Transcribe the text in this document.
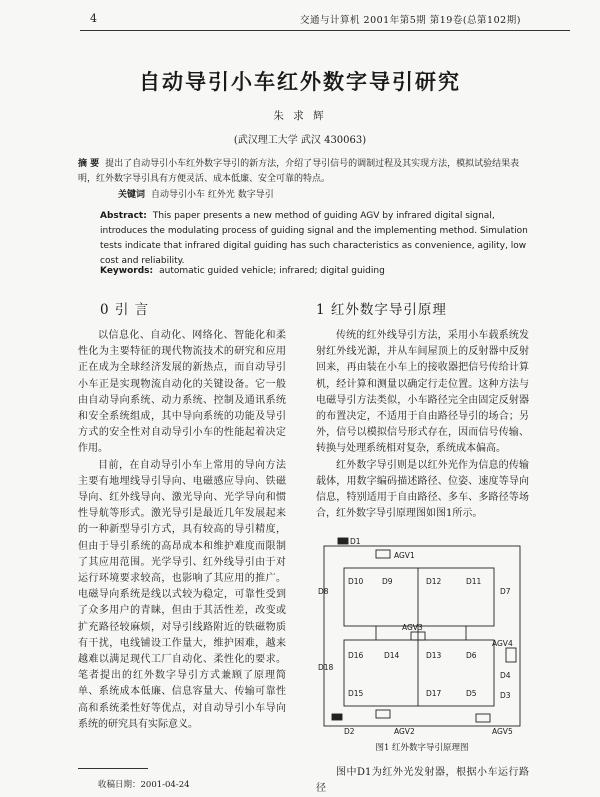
4	交通与计算机 2001年第5期 第19卷(总第102期)
自动导引小车红外数字导引研究
朱 求 辉
(武汉理工大学 武汉 430063)
摘 要 提出了自动导引小车红外数字导引的新方法，介绍了导引信号的调制过程及其实现方法，模拟试验结果表明，红外数字导引具有方便灵活、成本低廉、安全可靠的特点。
关键词 自动导引小车 红外光 数字导引
Abstract: This paper presents a new method of guiding AGV by infrared digital signal, introduces the modulating process of guiding signal and the implementing method. Simulation tests indicate that infrared digital guiding has such characteristics as convenience, agility, low cost and reliability.
Keywords: automatic guided vehicle; infrared; digital guiding
0 引 言	1 红外数字导引原理

以信息化、自动化、网络化、智能化和柔性化为主要特征的现代物流技术的研究和应用正在成为全球经济发展的新热点，而自动导引小车正是实现物流自动化的关键设备。它一般由自动导向系统、动力系统、控制及通讯系统和安全系统组成，其中导向系统的功能及导引方式的安全性对自动导引小车的性能起着决定作用。

目前，在自动导引小车上常用的导向方法主要有地埋线导引导向、电磁感应导向、铁磁导向、红外线导向、激光导向、光学导向和惯性导航等形式。激光导引是最近几年发展起来的一种新型导引方式，具有较高的导引精度，但由于导引系统的高昂成本和维护难度而限制了其应用范围。光学导引、红外线导引由于对运行环境要求较高，也影响了其应用的推广。电磁导向系统是线以式较为稳定，可靠性受到了众多用户的青睐，但由于其活性差，改变或扩充路径较麻烦，对导引线路附近的铁磁物质有干扰，电线铺设工作量大，维护困难，越来越难以满足现代工厂自动化、柔性化的要求。笔者提出的红外数字导引方式兼顾了原理简单、系统成本低廉、信息容量大、传输可靠性高和系统柔性好等优点，对自动导引小车导向系统的研究具有实际意义。

传统的红外线导引方法，采用小车载系统发射红外线光源，并从车间屋顶上的反射器中反射回来，再由装在小车上的接收器把信号传给计算机，经计算和测量以确定行走位置。这种方法与电磁导引方法类似，小车路径完全由固定反射器的布置决定，不适用于自由路径导引的场合；另外，信号以模拟信号形式存在，因而信号传输、转换与处理系统相对复杂，系统成本偏高。

红外数字导引则是以红外光作为信息的传输载体，用数字编码描述路径、位姿、速度等导向信息，特别适用于自由路径、多车、多路径等场合，红外数字导引原理图如图1所示。

D1
AGV1
D10 D9
D8
D12	D11
D7
AGV3
D16	D14	D13	D6
D18
D4
D5
D15	D3
D17
AGV4
D2	AGV2	AGV5
图1 红外数字导引原理图

图中D1为红外光发射器，根据小车运行路径

收稿日期：2001-04-24
